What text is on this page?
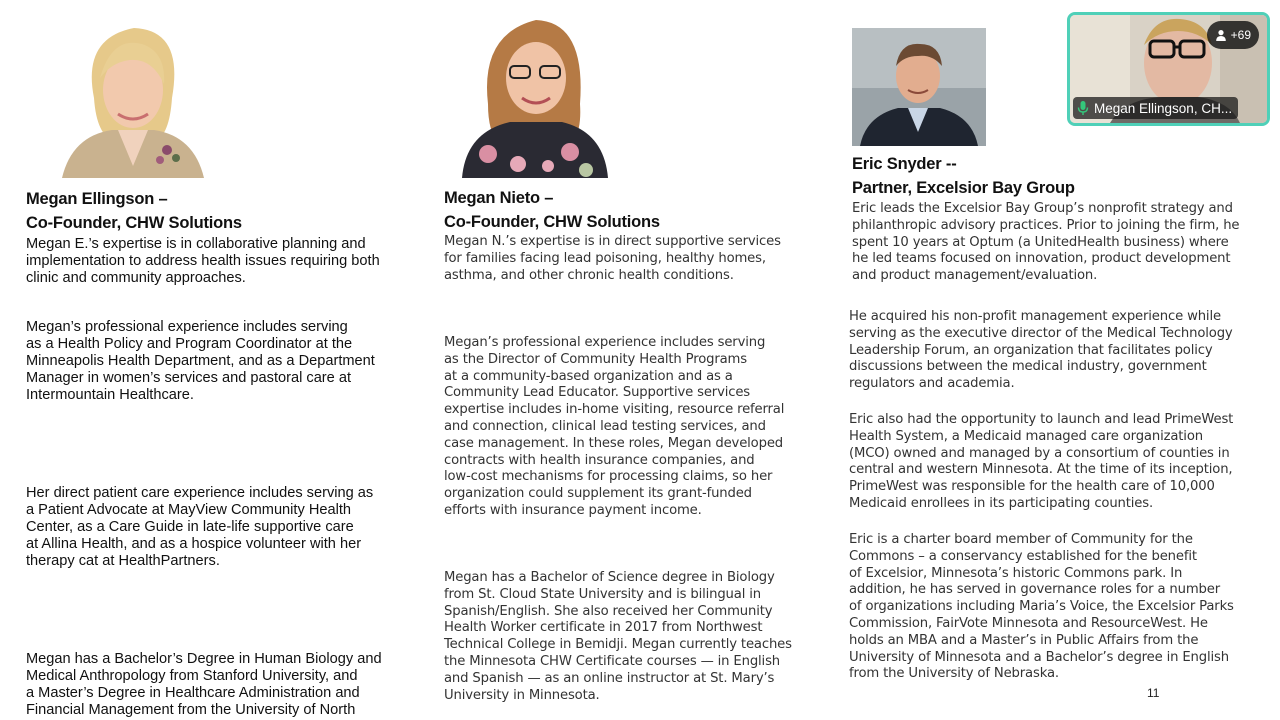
Megan Ellingson –
Co-Founder, CHW Solutions
Megan E.’s expertise is in collaborative planning and
implementation to address health issues requiring both
clinic and community approaches.
Megan’s professional experience includes serving
as a Health Policy and Program Coordinator at the
Minneapolis Health Department, and as a Department
Manager in women’s services and pastoral care at
Intermountain Healthcare.
Her direct patient care experience includes serving as
a Patient Advocate at MayView Community Health
Center, as a Care Guide in late-life supportive care
at Allina Health, and as a hospice volunteer with her
therapy cat at HealthPartners.
Megan has a Bachelor’s Degree in Human Biology and
Medical Anthropology from Stanford University, and
a Master’s Degree in Healthcare Administration and
Financial Management from the University of North
Megan Nieto –
Co-Founder, CHW Solutions
Megan N.’s expertise is in direct supportive services
for families facing lead poisoning, healthy homes,
asthma, and other chronic health conditions.
Megan’s professional experience includes serving
as the Director of Community Health Programs
at a community-based organization and as a
Community Lead Educator. Supportive services
expertise includes in-home visiting, resource referral
and connection, clinical lead testing services, and
case management. In these roles, Megan developed
contracts with health insurance companies, and
low-cost mechanisms for processing claims, so her
organization could supplement its grant-funded
efforts with insurance payment income.
Megan has a Bachelor of Science degree in Biology
from St. Cloud State University and is bilingual in
Spanish/English. She also received her Community
Health Worker certificate in 2017 from Northwest
Technical College in Bemidji. Megan currently teaches
the Minnesota CHW Certificate courses — in English
and Spanish — as an online instructor at St. Mary’s
University in Minnesota.
Eric Snyder --
Partner, Excelsior Bay Group
Eric leads the Excelsior Bay Group’s nonprofit strategy and
philanthropic advisory practices. Prior to joining the firm, he
spent 10 years at Optum (a UnitedHealth business) where
he led teams focused on innovation, product development
and product management/evaluation.
He acquired his non-profit management experience while
serving as the executive director of the Medical Technology
Leadership Forum, an organization that facilitates policy
discussions between the medical industry, government
regulators and academia.
Eric also had the opportunity to launch and lead PrimeWest
Health System, a Medicaid managed care organization
(MCO) owned and managed by a consortium of counties in
central and western Minnesota. At the time of its inception,
PrimeWest was responsible for the health care of 10,000
Medicaid enrollees in its participating counties.
Eric is a charter board member of Community for the
Commons – a conservancy established for the benefit
of Excelsior, Minnesota’s historic Commons park. In
addition, he has served in governance roles for a number
of organizations including Maria’s Voice, the Excelsior Parks
Commission, FairVote Minnesota and ResourceWest. He
holds an MBA and a Master’s in Public Affairs from the
University of Minnesota and a Bachelor’s degree in English
from the University of Nebraska.
11
+69
Megan Ellingson, CH...
